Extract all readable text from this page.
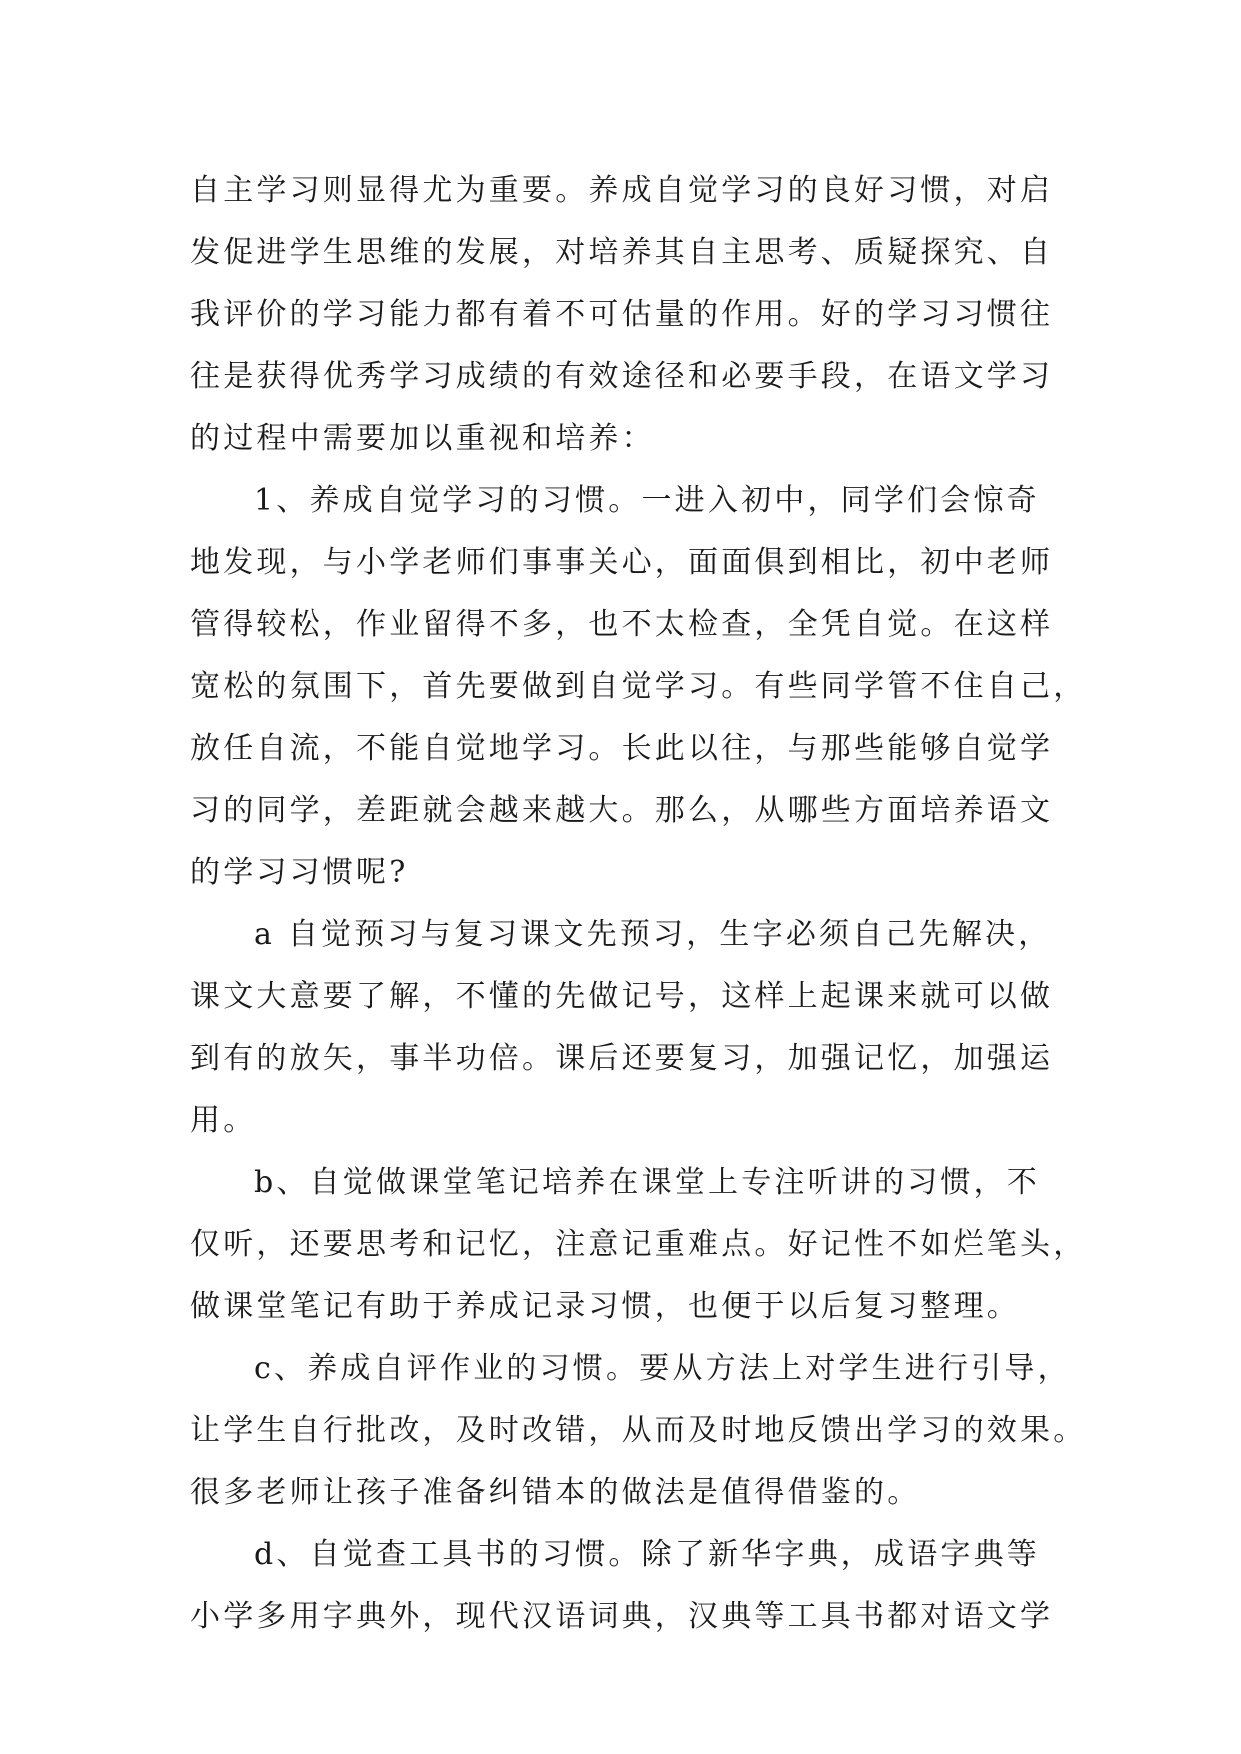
自主学习则显得尤为重要。养成自觉学习的良好习惯，对启
发促进学生思维的发展，对培养其自主思考、质疑探究、自
我评价的学习能力都有着不可估量的作用。好的学习习惯往
往是获得优秀学习成绩的有效途径和必要手段，在语文学习
的过程中需要加以重视和培养：

1、养成自觉学习的习惯。一进入初中，同学们会惊奇
地发现，与小学老师们事事关心，面面俱到相比，初中老师
管得较松，作业留得不多，也不太检查，全凭自觉。在这样
宽松的氛围下，首先要做到自觉学习。有些同学管不住自己，
放任自流，不能自觉地学习。长此以往，与那些能够自觉学
习的同学，差距就会越来越大。那么，从哪些方面培养语文
的学习习惯呢?

a 自觉预习与复习课文先预习，生字必须自己先解决，
课文大意要了解，不懂的先做记号，这样上起课来就可以做
到有的放矢，事半功倍。课后还要复习，加强记忆，加强运
用。

b、自觉做课堂笔记培养在课堂上专注听讲的习惯，不
仅听，还要思考和记忆，注意记重难点。好记性不如烂笔头，
做课堂笔记有助于养成记录习惯，也便于以后复习整理。

c、养成自评作业的习惯。要从方法上对学生进行引导，
让学生自行批改，及时改错，从而及时地反馈出学习的效果。
很多老师让孩子准备纠错本的做法是值得借鉴的。

d、自觉查工具书的习惯。除了新华字典，成语字典等
小学多用字典外，现代汉语词典，汉典等工具书都对语文学
